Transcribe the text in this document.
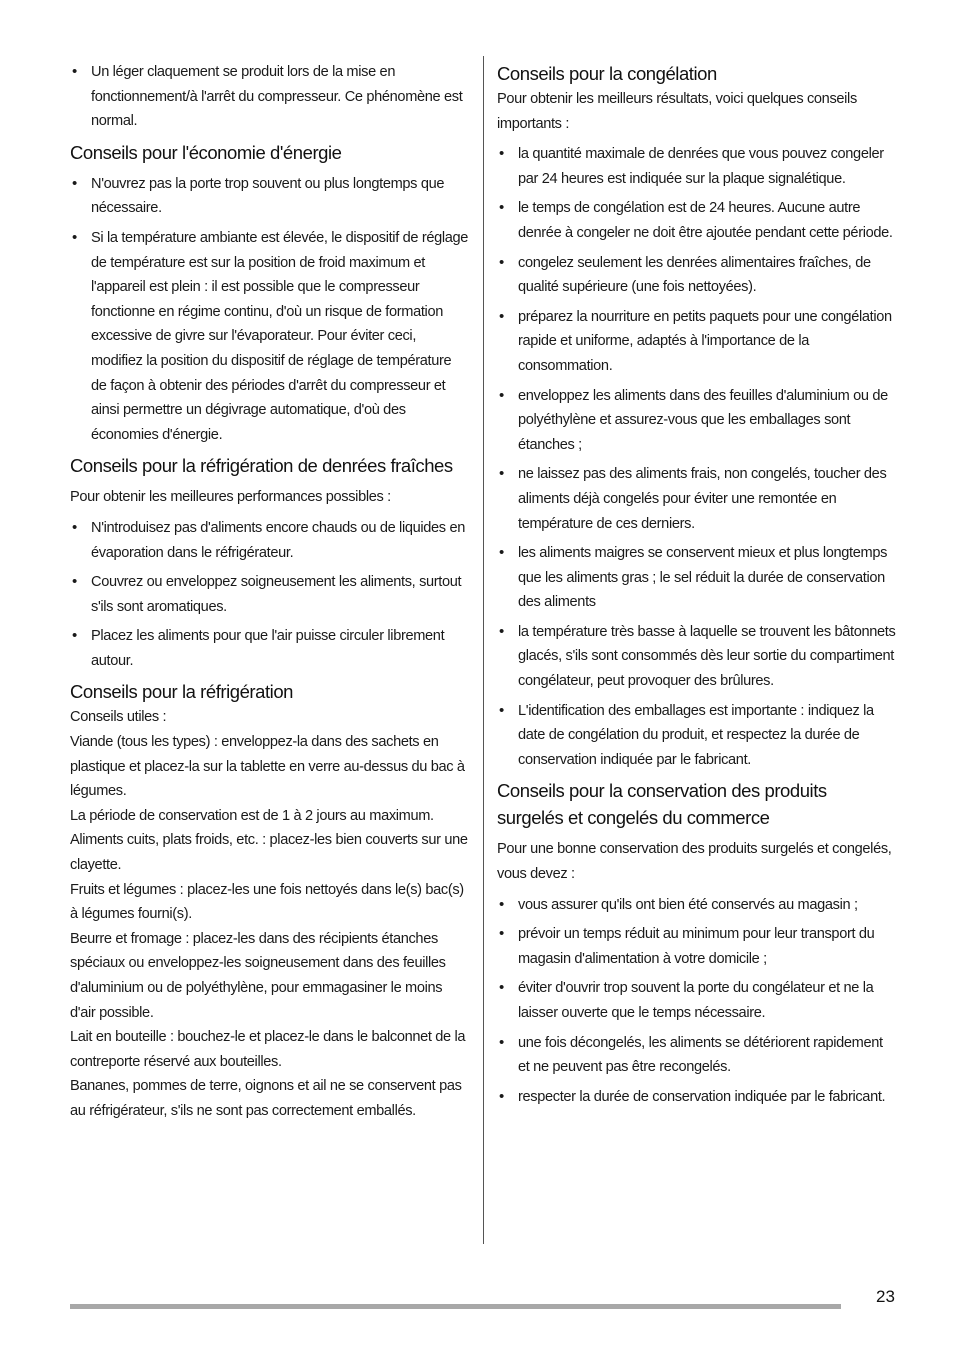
• Un léger claquement se produit lors de la mise en fonctionnement/à l'arrêt du compresseur. Ce phénomène est normal.
Conseils pour l'économie d'énergie
• N'ouvrez pas la porte trop souvent ou plus longtemps que nécessaire.
• Si la température ambiante est élevée, le dispositif de réglage de température est sur la position de froid maximum et l'appareil est plein : il est possible que le compresseur fonctionne en régime continu, d'où un risque de formation excessive de givre sur l'évaporateur. Pour éviter ceci, modifiez la position du dispositif de réglage de température de façon à obtenir des périodes d'arrêt du compresseur et ainsi permettre un dégivrage automatique, d'où des économies d'énergie.
Conseils pour la réfrigération de denrées fraîches

Pour obtenir les meilleures performances possibles :

• N'introduisez pas d'aliments encore chauds ou de liquides en évaporation dans le réfrigérateur.
• Couvrez ou enveloppez soigneusement les aliments, surtout s'ils sont aromatiques.
• Placez les aliments pour que l'air puisse circuler librement autour.
Conseils pour la réfrigération

Conseils utiles :

Viande (tous les types) : enveloppez-la dans des sachets en plastique et placez-la sur la tablette en verre au-dessus du bac à légumes.

La période de conservation est de 1 à 2 jours au maximum.

Aliments cuits, plats froids, etc. : placez-les bien couverts sur une clayette.

Fruits et légumes : placez-les une fois nettoyés dans le(s) bac(s) à légumes fourni(s).

Beurre et fromage : placez-les dans des récipients étanches spéciaux ou enveloppez-les soigneusement dans des feuilles d'aluminium ou de polyéthylène, pour emmagasiner le moins d'air possible.

Lait en bouteille : bouchez-le et placez-le dans le balconnet de la contreporte réservé aux bouteilles.

Bananes, pommes de terre, oignons et ail ne se conservent pas au réfrigérateur, s'ils ne sont pas correctement emballés.

Conseils pour la congélation

Pour obtenir les meilleurs résultats, voici quelques conseils importants :

• la quantité maximale de denrées que vous pouvez congeler par 24 heures est indiquée sur la plaque signalétique.
• le temps de congélation est de 24 heures. Aucune autre denrée à congeler ne doit être ajoutée pendant cette période.
• congelez seulement les denrées alimentaires fraîches, de qualité supérieure (une fois nettoyées).
• préparez la nourriture en petits paquets pour une congélation rapide et uniforme, adaptés à l'importance de la consommation.
• enveloppez les aliments dans des feuilles d'aluminium ou de polyéthylène et assurez-vous que les emballages sont étanches ;
• ne laissez pas des aliments frais, non congelés, toucher des aliments déjà congelés pour éviter une remontée en température de ces derniers.
• les aliments maigres se conservent mieux et plus longtemps que les aliments gras ; le sel réduit la durée de conservation des aliments
• la température très basse à laquelle se trouvent les bâtonnets glacés, s'ils sont consommés dès leur sortie du compartiment congélateur, peut provoquer des brûlures.
• L'identification des emballages est importante : indiquez la date de congélation du produit, et respectez la durée de conservation indiquée par le fabricant.
Conseils pour la conservation des produits surgelés et congelés du commerce

Pour une bonne conservation des produits surgelés et congelés, vous devez :

• vous assurer qu'ils ont bien été conservés au magasin ;
• prévoir un temps réduit au minimum pour leur transport du magasin d'alimentation à votre domicile ;
• éviter d'ouvrir trop souvent la porte du congélateur et ne la laisser ouverte que le temps nécessaire.
• une fois décongelés, les aliments se détériorent rapidement et ne peuvent pas être recongelés.
• respecter la durée de conservation indiquée par le fabricant.
23
